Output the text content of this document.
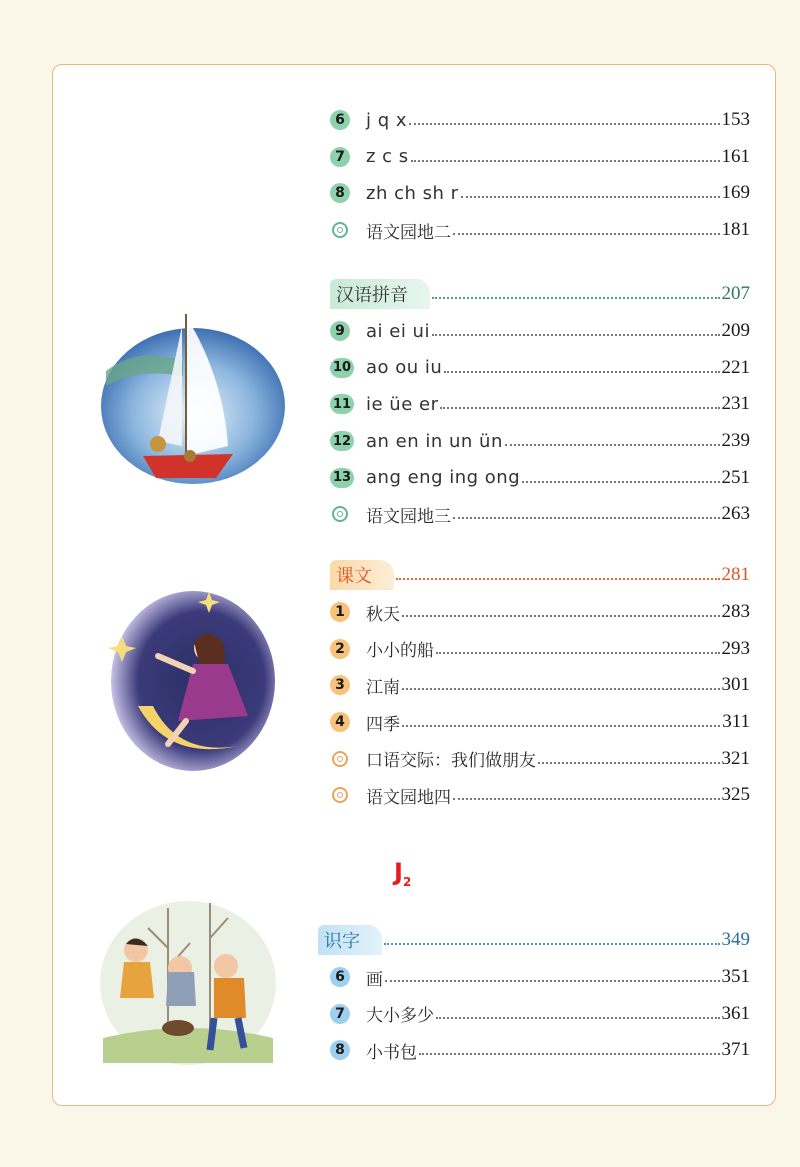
6 j q x	153
7 z c s	161
8 zh ch sh r	169
语文园地二	181
汉语拼音	207
9 ai ei ui	209
10 ao ou iu	221
11 ie üe er	231
12 an en in un ün	239
13 ang eng ing ong	251
语文园地三	263
课文	281
1	秋天	283
2	小小的船	293
3	江南	301
4	四季	311
口语交际：我们做朋友	321
语文园地四	325
$J_2$
识字	349
6	画	351
7	大小多少	361
8	小书包	371
